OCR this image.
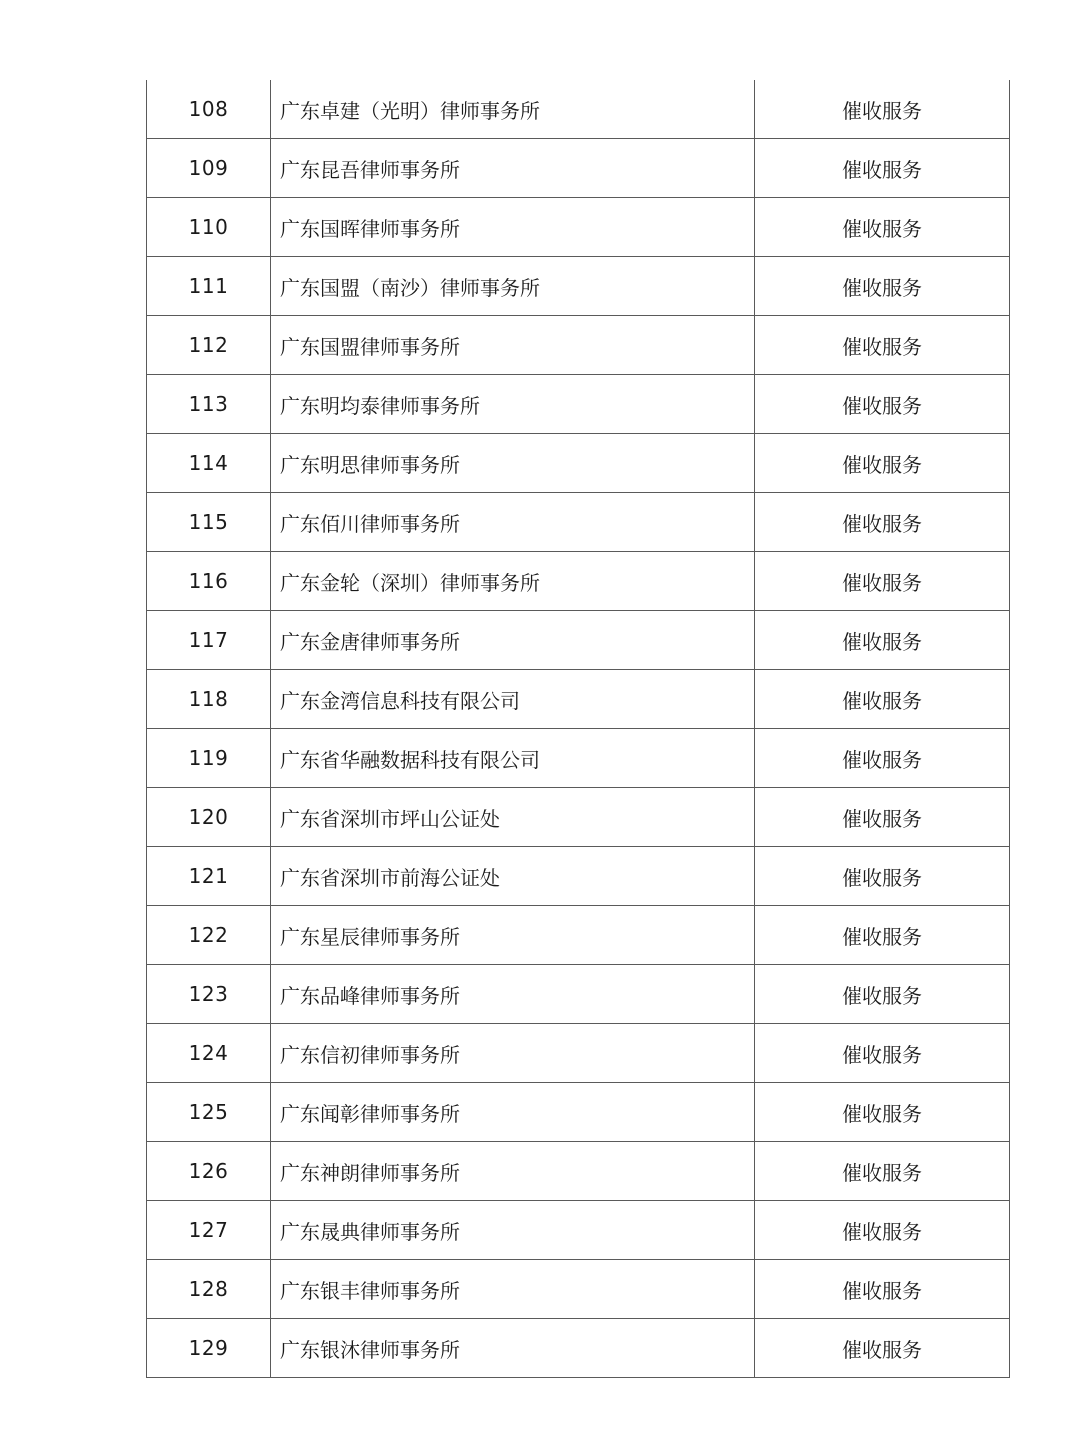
108	广东卓建（光明）律师事务所	催收服务
109	广东昆吾律师事务所	催收服务
110	广东国晖律师事务所	催收服务
111	广东国盟（南沙）律师事务所	催收服务
112	广东国盟律师事务所	催收服务
113	广东明均泰律师事务所	催收服务
114	广东明思律师事务所	催收服务
115	广东佰川律师事务所	催收服务
116	广东金轮（深圳）律师事务所	催收服务
117	广东金唐律师事务所	催收服务
118	广东金湾信息科技有限公司	催收服务
119	广东省华融数据科技有限公司	催收服务
120	广东省深圳市坪山公证处	催收服务
121	广东省深圳市前海公证处	催收服务
122	广东星辰律师事务所	催收服务
123	广东品峰律师事务所	催收服务
124	广东信初律师事务所	催收服务
125	广东闻彰律师事务所	催收服务
126	广东神朗律师事务所	催收服务
127	广东晟典律师事务所	催收服务
128	广东银丰律师事务所	催收服务
129	广东银沐律师事务所	催收服务
